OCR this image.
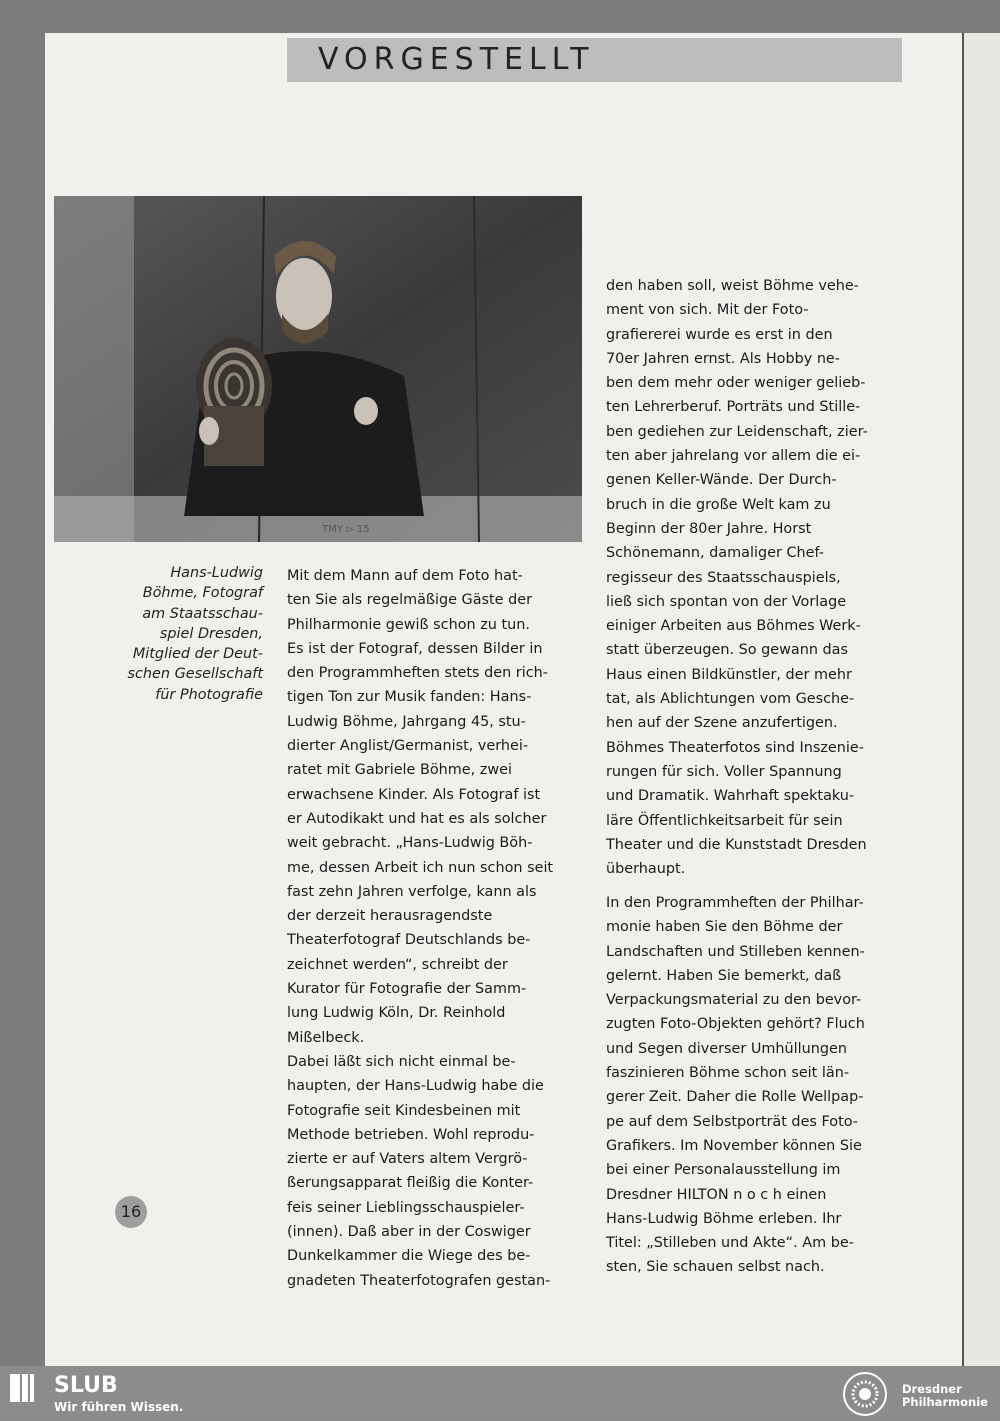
VORGESTELLT
TMY ▻ 15
Hans-Ludwig
Böhme, Fotograf
am Staatsschau-
spiel Dresden,
Mitglied der Deut-
schen Gesellschaft
für Photografie
Mit dem Mann auf dem Foto hat-
ten Sie als regelmäßige Gäste der
Philharmonie gewiß schon zu tun.
Es ist der Fotograf, dessen Bilder in
den Programmheften stets den rich-
tigen Ton zur Musik fanden: Hans-
Ludwig Böhme, Jahrgang 45, stu-
dierter Anglist/Germanist, verhei-
ratet mit Gabriele Böhme, zwei
erwachsene Kinder. Als Fotograf ist
er Autodikakt und hat es als solcher
weit gebracht. „Hans-Ludwig Böh-
me, dessen Arbeit ich nun schon seit
fast zehn Jahren verfolge, kann als
der derzeit herausragendste
Theaterfotograf Deutschlands be-
zeichnet werden“, schreibt der
Kurator für Fotografie der Samm-
lung Ludwig Köln, Dr. Reinhold
Mißelbeck.
Dabei läßt sich nicht einmal be-
haupten, der Hans-Ludwig habe die
Fotografie seit Kindesbeinen mit
Methode betrieben. Wohl reprodu-
zierte er auf Vaters altem Vergrö-
ßerungsapparat fleißig die Konter-
feis seiner Lieblingsschauspieler-
(innen). Daß aber in der Coswiger
Dunkelkammer die Wiege des be-
gnadeten Theaterfotografen gestan-
den haben soll, weist Böhme vehe-
ment von sich. Mit der Foto-
grafiererei wurde es erst in den
70er Jahren ernst. Als Hobby ne-
ben dem mehr oder weniger gelieb-
ten Lehrerberuf. Porträts und Stille-
ben gediehen zur Leidenschaft, zier-
ten aber jahrelang vor allem die ei-
genen Keller-Wände. Der Durch-
bruch in die große Welt kam zu
Beginn der 80er Jahre. Horst
Schönemann, damaliger Chef-
regisseur des Staatsschauspiels,
ließ sich spontan von der Vorlage
einiger Arbeiten aus Böhmes Werk-
statt überzeugen. So gewann das
Haus einen Bildkünstler, der mehr
tat, als Ablichtungen vom Gesche-
hen auf der Szene anzufertigen.
Böhmes Theaterfotos sind Inszenie-
rungen für sich. Voller Spannung
und Dramatik. Wahrhaft spektaku-
läre Öffentlichkeitsarbeit für sein
Theater und die Kunststadt Dresden
überhaupt.
In den Programmheften der Philhar-
monie haben Sie den Böhme der
Landschaften und Stilleben kennen-
gelernt. Haben Sie bemerkt, daß
Verpackungsmaterial zu den bevor-
zugten Foto-Objekten gehört? Fluch
und Segen diverser Umhüllungen
faszinieren Böhme schon seit län-
gerer Zeit. Daher die Rolle Wellpap-
pe auf dem Selbstporträt des Foto-
Grafikers. Im November können Sie
bei einer Personalausstellung im
Dresdner HILTON n o c h einen
Hans-Ludwig Böhme erleben. Ihr
Titel: „Stilleben und Akte“. Am be-
sten, Sie schauen selbst nach.
16
SLUB
Wir führen Wissen.
Dresdner
Philharmonie
